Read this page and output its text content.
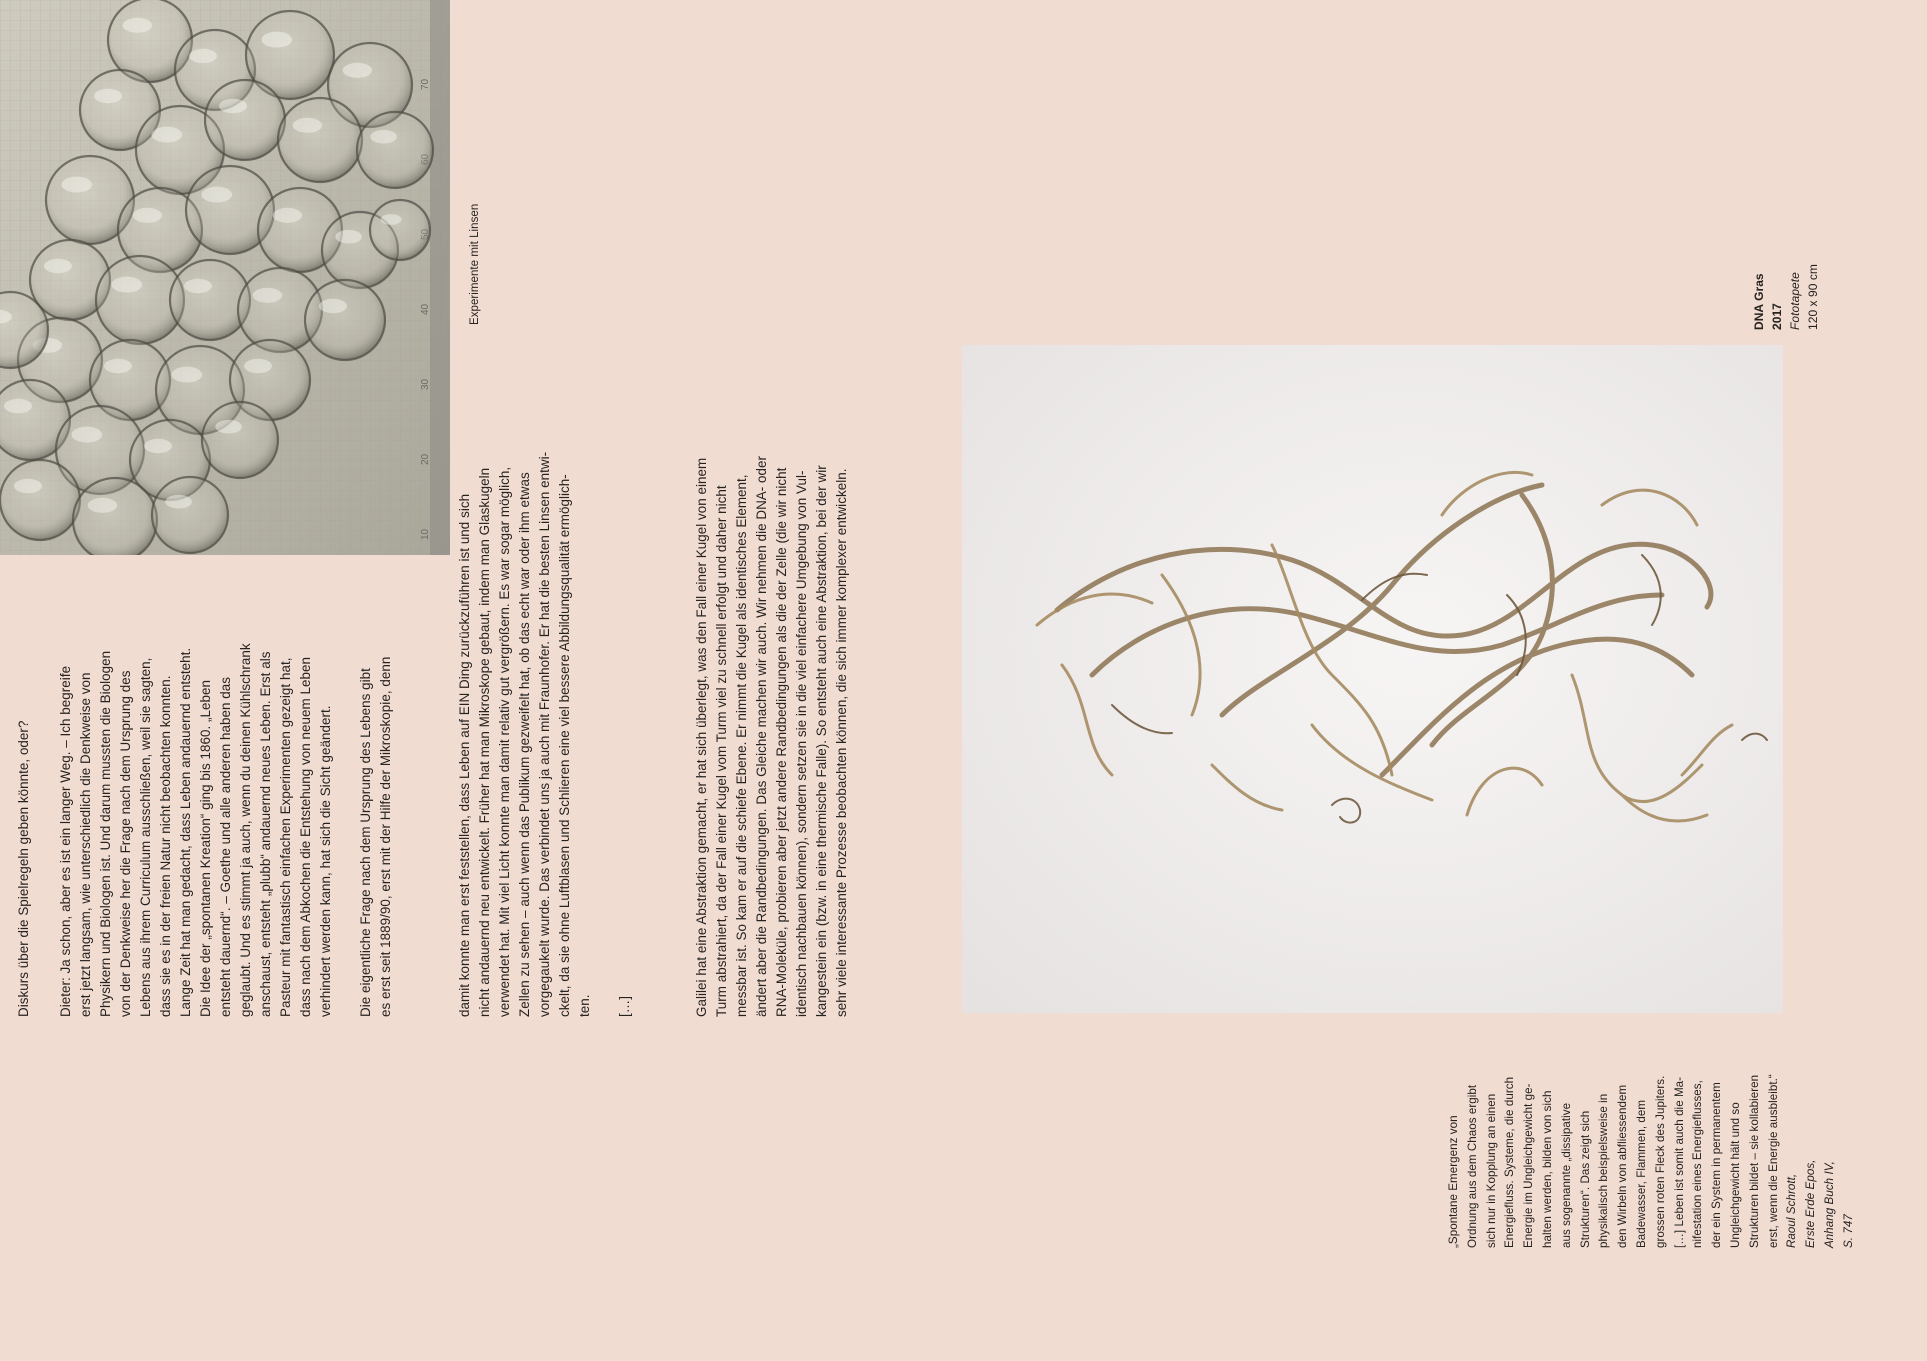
10
20
30
40
70

Diskurs über die Spielregeln geben könnte, oder? Dieter: Ja schon, aber es ist ein langer Weg. – Ich begreife erst jetzt langsam, wie unterschiedlich die Denkweise von Physikern und Biologen ist. Und darum mussten die Biologen von der Denkweise her die Frage nach dem Ursprung des Lebens aus ihrem Curriculum ausschließen, weil sie sagten, dass sie es in der freien Natur nicht beobachten konnten. Lange Zeit hat man gedacht, dass Leben andauernd entsteht. Die Idee der „spontanen Kreation“ ging bis 1860. „Leben entsteht dauernd“. – Goethe und alle anderen haben das geglaubt. Und es stimmt ja auch, wenn du deinen Kühlschrank anschaust, entsteht „plubb“ andauernd neues Leben. Erst als Pasteur mit fantastisch einfachen Experimenten gezeigt hat, dass nach dem Abkochen die Entstehung von neuem Leben verhindert werden kann, hat sich die Sicht geändert. Die eigentliche Frage nach dem Ursprung des Lebens gibt es erst seit 1889/90, erst mit der Hilfe der Mikroskopie, denn	damit konnte man erst feststellen, dass Leben auf EIN Ding zurückzuführen ist und sich nicht andauernd neu entwickelt. Früher hat man Mikroskope gebaut, indem man Glaskugeln verwendet hat. Mit viel Licht konnte man damit relativ gut vergrößern. Es war sogar möglich, Zellen zu sehen – auch wenn das Publikum gezweifelt hat, ob das echt war oder ihm etwas vorgegaukelt wurde. Das verbindet uns ja auch mit Fraunhofer. Er hat die besten Linsen entwi- ckelt, da sie ohne Luftblasen und Schlieren eine viel bessere Abbildungsqualität ermöglich- ten. […]

Experimente mit Linsen

Galilei hat eine Abstraktion gemacht, er hat sich überlegt, was den Fall einer Kugel von einem Turm abstrahiert, da der Fall einer Kugel vom Turm viel zu schnell erfolgt und daher nicht messbar ist. So kam er auf die schiefe Ebene. Er nimmt die Kugel als identisches Element, ändert aber die Randbedingungen. Das Gleiche machen wir auch. Wir nehmen die DNA- oder RNA-Moleküle, probieren aber jetzt andere Randbedingungen als die der Zelle (die wir nicht identisch nachbauen können), sondern setzen sie in die viel einfachere Umgebung von Vul- kangestein ein (bzw. in eine thermische Falle). So entsteht auch eine Abstraktion, bei der wir sehr viele interessante Prozesse beobachten können, die sich immer komplexer entwickeln.

DNA Gras 2017 Fototapete 120 x 90 cm

„Spontane Emergenz von Ordnung aus dem Chaos ergibt sich nur in Kopplung an einen Energiefluss. Systeme, die durch Energie im Ungleichgewicht ge- halten werden, bilden von sich aus sogenannte „dissipative Strukturen“. Das zeigt sich physikalisch beispielsweise in den Wirbeln von abfliessendem Badewasser, Flammen, dem grossen roten Fleck des Jupiters. […] Leben ist somit auch die Ma- nifestation eines Energieflusses, der ein System in permanentem Ungleichgewicht hält und so Strukturen bildet – sie kollabieren erst, wenn die Energie ausbleibt.“ Raoul Schrott, Erste Erde Epos, Anhang Buch IV, S. 747
